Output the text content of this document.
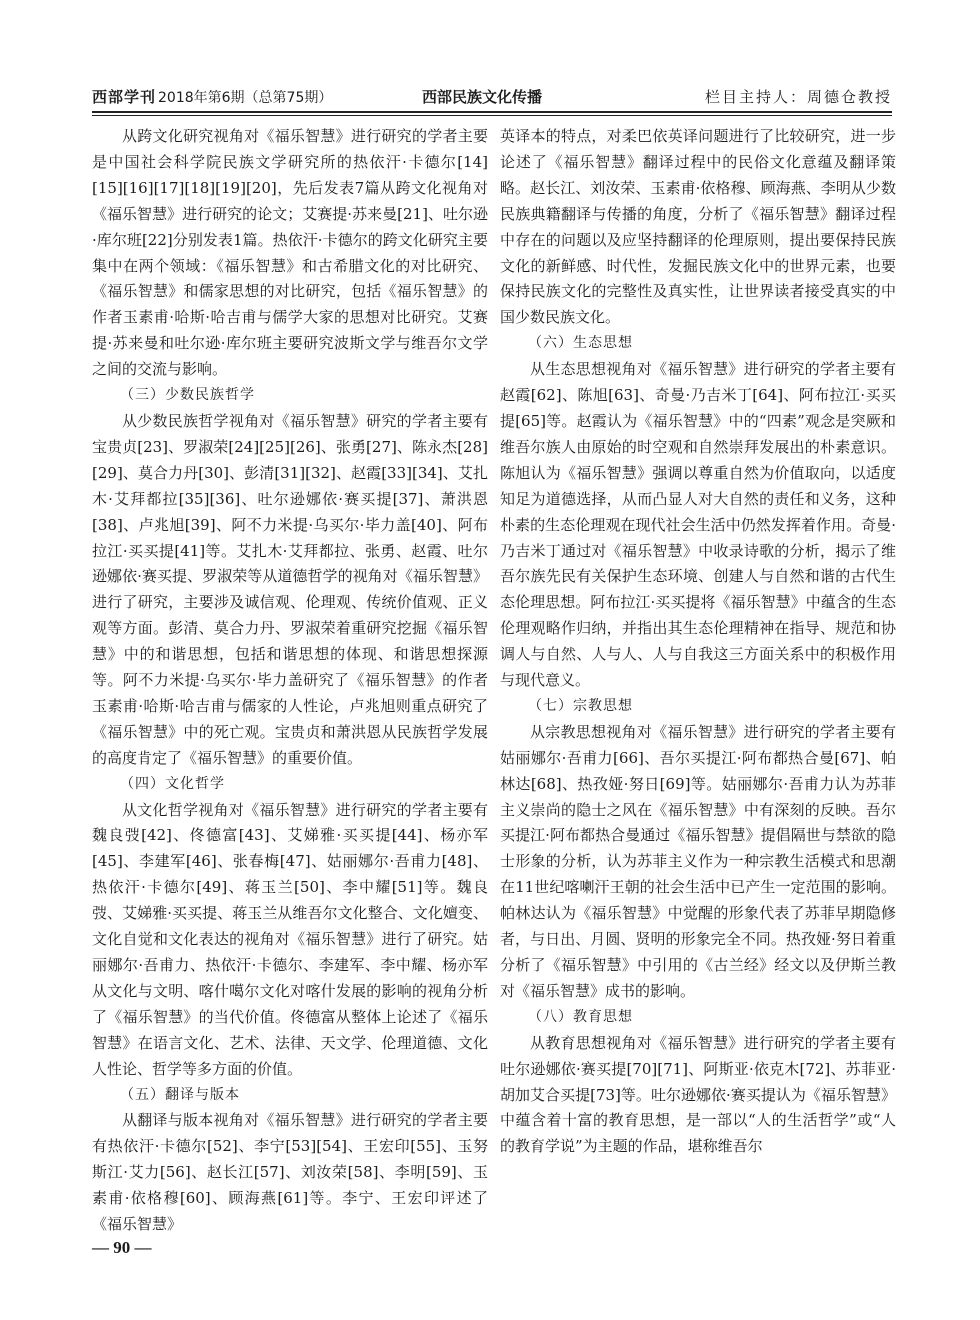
西部学刊 2018年第6期（总第75期）	西部民族文化传播	栏目主持人：周德仓教授

从跨文化研究视角对《福乐智慧》进行研究的学者主要是中国社会科学院民族文学研究所的热依汗·卡德尔[14][15][16][17][18][19][20]，先后发表7篇从跨文化视角对《福乐智慧》进行研究的论文；艾赛提·苏来曼[21]、吐尔逊·库尔班[22]分别发表1篇。热依汗·卡德尔的跨文化研究主要集中在两个领域：《福乐智慧》和古希腊文化的对比研究、《福乐智慧》和儒家思想的对比研究，包括《福乐智慧》的作者玉素甫·哈斯·哈吉甫与儒学大家的思想对比研究。艾赛提·苏来曼和吐尔逊·库尔班主要研究波斯文学与维吾尔文学之间的交流与影响。

（三）少数民族哲学

从少数民族哲学视角对《福乐智慧》研究的学者主要有宝贵贞[23]、罗淑荣[24][25][26]、张勇[27]、陈永杰[28][29]、莫合力丹[30]、彭清[31][32]、赵霞[33][34]、艾扎木·艾拜都拉[35][36]、吐尔逊娜依·赛买提[37]、萧洪恩[38]、卢兆旭[39]、阿不力米提·乌买尔·毕力盖[40]、阿布拉江·买买提[41]等。艾扎木·艾拜都拉、张勇、赵霞、吐尔逊娜依·赛买提、罗淑荣等从道德哲学的视角对《福乐智慧》进行了研究，主要涉及诚信观、伦理观、传统价值观、正义观等方面。彭清、莫合力丹、罗淑荣着重研究挖掘《福乐智慧》中的和谐思想，包括和谐思想的体现、和谐思想探源等。阿不力米提·乌买尔·毕力盖研究了《福乐智慧》的作者玉素甫·哈斯·哈吉甫与儒家的人性论，卢兆旭则重点研究了《福乐智慧》中的死亡观。宝贵贞和萧洪恩从民族哲学发展的高度肯定了《福乐智慧》的重要价值。

（四）文化哲学

从文化哲学视角对《福乐智慧》进行研究的学者主要有魏良弢[42]、佟德富[43]、艾娣雅·买买提[44]、杨亦军[45]、李建军[46]、张春梅[47]、姑丽娜尔·吾甫力[48]、热依汗·卡德尔[49]、蒋玉兰[50]、李中耀[51]等。魏良弢、艾娣雅·买买提、蒋玉兰从维吾尔文化整合、文化嬗变、文化自觉和文化表达的视角对《福乐智慧》进行了研究。姑丽娜尔·吾甫力、热依汗·卡德尔、李建军、李中耀、杨亦军从文化与文明、喀什噶尔文化对喀什发展的影响的视角分析了《福乐智慧》的当代价值。佟德富从整体上论述了《福乐智慧》在语言文化、艺术、法律、天文学、伦理道德、文化人性论、哲学等多方面的价值。

（五）翻译与版本

从翻译与版本视角对《福乐智慧》进行研究的学者主要有热依汗·卡德尔[52]、李宁[53][54]、王宏印[55]、玉努斯江·艾力[56]、赵长江[57]、刘汝荣[58]、李明[59]、玉素甫·依格穆[60]、顾海燕[61]等。李宁、王宏印评述了《福乐智慧》

英译本的特点，对柔巴依英译问题进行了比较研究，进一步论述了《福乐智慧》翻译过程中的民俗文化意蕴及翻译策略。赵长江、刘汝荣、玉素甫·依格穆、顾海燕、李明从少数民族典籍翻译与传播的角度，分析了《福乐智慧》翻译过程中存在的问题以及应坚持翻译的伦理原则，提出要保持民族文化的新鲜感、时代性，发掘民族文化中的世界元素，也要保持民族文化的完整性及真实性，让世界读者接受真实的中国少数民族文化。

（六）生态思想

从生态思想视角对《福乐智慧》进行研究的学者主要有赵霞[62]、陈旭[63]、奇曼·乃吉米丁[64]、阿布拉江·买买提[65]等。赵霞认为《福乐智慧》中的“四素”观念是突厥和维吾尔族人由原始的时空观和自然崇拜发展出的朴素意识。陈旭认为《福乐智慧》强调以尊重自然为价值取向，以适度知足为道德选择，从而凸显人对大自然的责任和义务，这种朴素的生态伦理观在现代社会生活中仍然发挥着作用。奇曼·乃吉米丁通过对《福乐智慧》中收录诗歌的分析，揭示了维吾尔族先民有关保护生态环境、创建人与自然和谐的古代生态伦理思想。阿布拉江·买买提将《福乐智慧》中蕴含的生态伦理观略作归纳，并指出其生态伦理精神在指导、规范和协调人与自然、人与人、人与自我这三方面关系中的积极作用与现代意义。

（七）宗教思想

从宗教思想视角对《福乐智慧》进行研究的学者主要有姑丽娜尔·吾甫力[66]、吾尔买提江·阿布都热合曼[67]、帕林达[68]、热孜娅·努日[69]等。姑丽娜尔·吾甫力认为苏菲主义崇尚的隐士之风在《福乐智慧》中有深刻的反映。吾尔买提江·阿布都热合曼通过《福乐智慧》提倡隔世与禁欲的隐士形象的分析，认为苏菲主义作为一种宗教生活模式和思潮在11世纪喀喇汗王朝的社会生活中已产生一定范围的影响。帕林达认为《福乐智慧》中觉醒的形象代表了苏菲早期隐修者，与日出、月圆、贤明的形象完全不同。热孜娅·努日着重分析了《福乐智慧》中引用的《古兰经》经文以及伊斯兰教对《福乐智慧》成书的影响。

（八）教育思想

从教育思想视角对《福乐智慧》进行研究的学者主要有吐尔逊娜依·赛买提[70][71]、阿斯亚·依克木[72]、苏菲亚·胡加艾合买提[73]等。吐尔逊娜依·赛买提认为《福乐智慧》中蕴含着十富的教育思想，是一部以“人的生活哲学”或“人的教育学说”为主题的作品，堪称维吾尔

— 90 —
